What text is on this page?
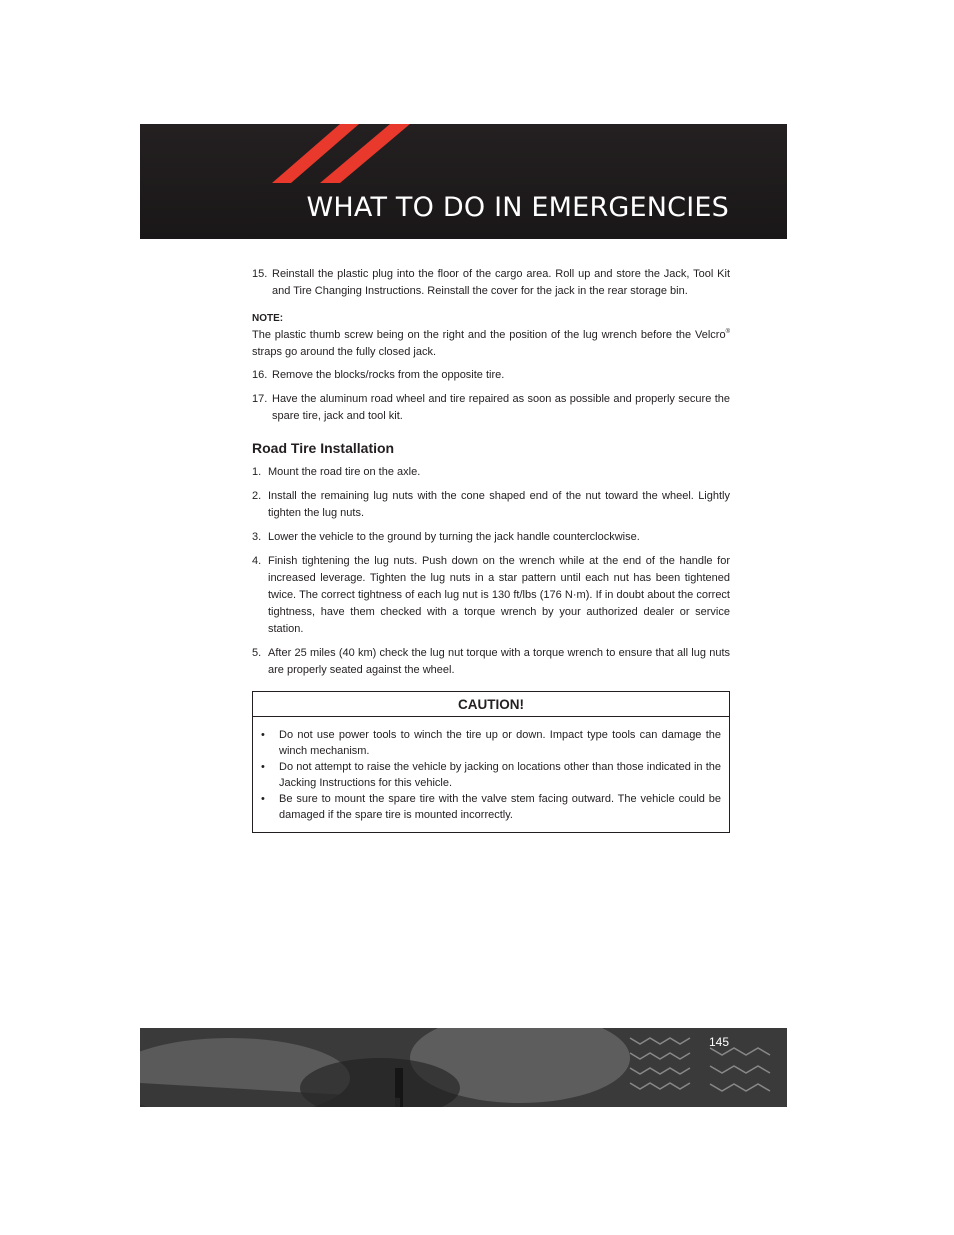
WHAT TO DO IN EMERGENCIES
15. Reinstall the plastic plug into the floor of the cargo area. Roll up and store the Jack, Tool Kit and Tire Changing Instructions. Reinstall the cover for the jack in the rear storage bin.
NOTE:
The plastic thumb screw being on the right and the position of the lug wrench before the Velcro® straps go around the fully closed jack.
16. Remove the blocks/rocks from the opposite tire.
17. Have the aluminum road wheel and tire repaired as soon as possible and properly secure the spare tire, jack and tool kit.
Road Tire Installation
1. Mount the road tire on the axle.
2. Install the remaining lug nuts with the cone shaped end of the nut toward the wheel. Lightly tighten the lug nuts.
3. Lower the vehicle to the ground by turning the jack handle counterclockwise.
4. Finish tightening the lug nuts. Push down on the wrench while at the end of the handle for increased leverage. Tighten the lug nuts in a star pattern until each nut has been tightened twice. The correct tightness of each lug nut is 130 ft/lbs (176 N·m). If in doubt about the correct tightness, have them checked with a torque wrench by your authorized dealer or service station.
5. After 25 miles (40 km) check the lug nut torque with a torque wrench to ensure that all lug nuts are properly seated against the wheel.
CAUTION!
• Do not use power tools to winch the tire up or down. Impact type tools can damage the winch mechanism.
• Do not attempt to raise the vehicle by jacking on locations other than those indicated in the Jacking Instructions for this vehicle.
• Be sure to mount the spare tire with the valve stem facing outward. The vehicle could be damaged if the spare tire is mounted incorrectly.
145
